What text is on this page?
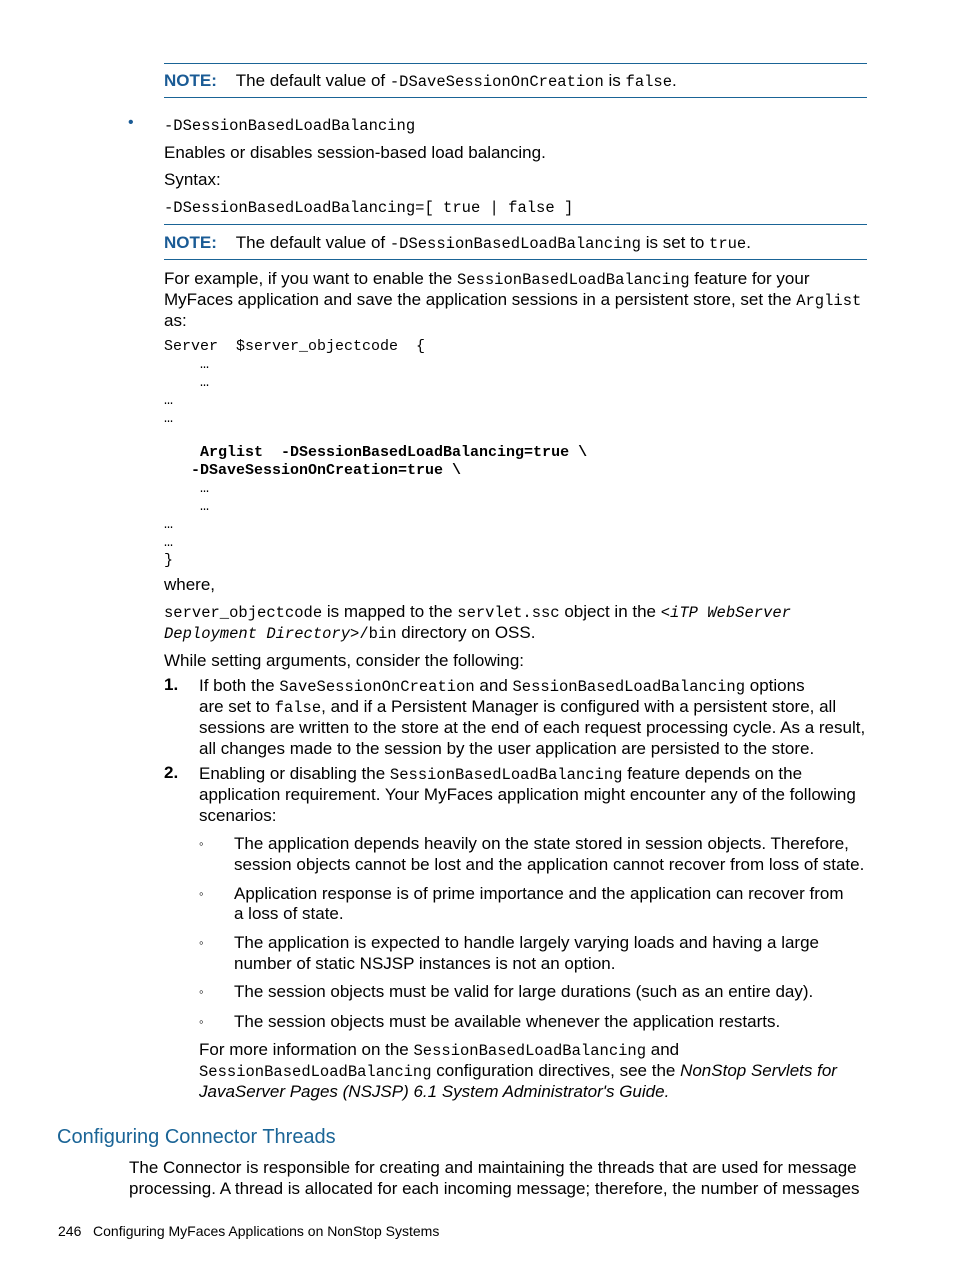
NOTE: The default value of -DSaveSessionOnCreation is false.
• -DSessionBasedLoadBalancing
Enables or disables session-based load balancing.
Syntax:
-DSessionBasedLoadBalancing=[ true | false ]
NOTE: The default value of -DSessionBasedLoadBalancing is set to true.
For example, if you want to enable the SessionBasedLoadBalancing feature for your
MyFaces application and save the application sessions in a persistent store, set the Arglist
as:
Server  $server_objectcode  {
…
…
…
…
Arglist  -DSessionBasedLoadBalancing=true \
-DSaveSessionOnCreation=true \
…
…
…
…
}
where,
server_objectcode is mapped to the servlet.ssc object in the <iTP WebServer
Deployment Directory>/bin directory on OSS.
While setting arguments, consider the following:
1. If both the SaveSessionOnCreation and SessionBasedLoadBalancing options
are set to false, and if a Persistent Manager is configured with a persistent store, all
sessions are written to the store at the end of each request processing cycle. As a result,
all changes made to the session by the user application are persisted to the store.
2. Enabling or disabling the SessionBasedLoadBalancing feature depends on the
application requirement. Your MyFaces application might encounter any of the following
scenarios:
◦ The application depends heavily on the state stored in session objects. Therefore,
session objects cannot be lost and the application cannot recover from loss of state.
◦ Application response is of prime importance and the application can recover from
a loss of state.
◦ The application is expected to handle largely varying loads and having a large
number of static NSJSP instances is not an option.
◦ The session objects must be valid for large durations (such as an entire day).
◦ The session objects must be available whenever the application restarts.
For more information on the SessionBasedLoadBalancing and
SessionBasedLoadBalancing configuration directives, see the NonStop Servlets for
JavaServer Pages (NSJSP) 6.1 System Administrator's Guide.
Configuring Connector Threads
The Connector is responsible for creating and maintaining the threads that are used for message
processing. A thread is allocated for each incoming message; therefore, the number of messages
246 Configuring MyFaces Applications on NonStop Systems
